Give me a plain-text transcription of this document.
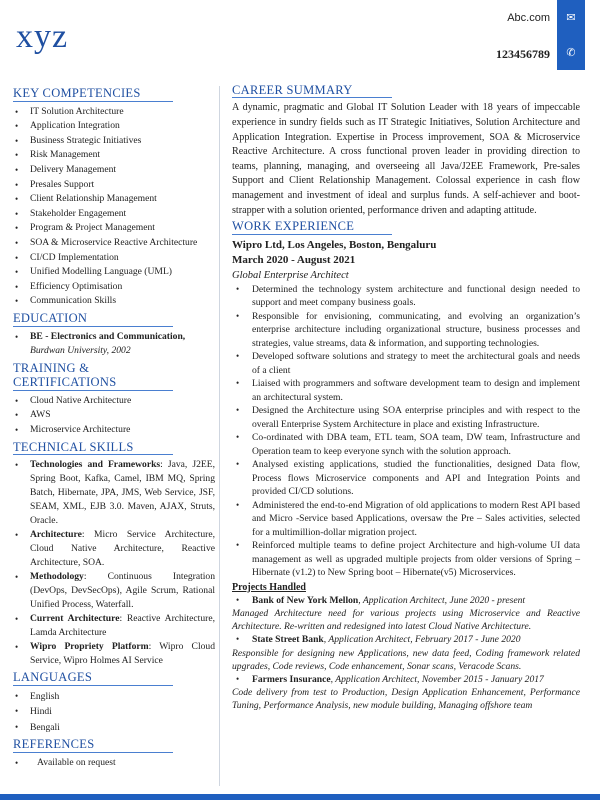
xyz	Abc.com
123456789
✉
✆
KEY COMPETENCIES
• IT Solution Architecture
• Application Integration
• Business Strategic Initiatives
• Risk Management
• Delivery Management
• Presales Support
• Client Relationship Management
• Stakeholder Engagement
• Program & Project Management
• SOA & Microservice Reactive Architecture
• CI/CD Implementation
• Unified Modelling Language (UML)
• Efficiency Optimisation
• Communication Skills
EDUCATION
• BE - Electronics and Communication,
Burdwan University, 2002
TRAINING & CERTIFICATIONS
• Cloud Native Architecture
• AWS
• Microservice Architecture
TECHNICAL SKILLS
• Technologies and Frameworks: Java, J2EE, Spring Boot, Kafka, Camel, IBM MQ, Spring Batch, Hibernate, JPA, JMS, Web Service, JSF, SEAM, XML, EJB 3.0. Maven, AJAX, Struts, Oracle.
• Architecture: Micro Service Architecture, Cloud Native Architecture, Reactive Architecture, SOA.
• Methodology: Continuous Integration (DevOps, DevSecOps), Agile Scrum, Rational Unified Process, Waterfall.
• Current Architecture: Reactive Architecture, Lamda Architecture
• Wipro Propriety Platform: Wipro Cloud Service, Wipro Holmes AI Service
LANGUAGES
• English
• Hindi
• Bengali
REFERENCES
• Available on request
CAREER SUMMARY
A dynamic, pragmatic and Global IT Solution Leader with 18 years of impeccable experience in sundry fields such as IT Strategic Initiatives, Solution Architecture and Application Integration. Expertise in Process improvement, SOA & Microservice Reactive Architecture. A cross functional proven leader in providing direction to teams, planning, managing, and overseeing all Java/J2EE Framework, Pre-sales Support and Client Relationship Management. Colossal experience in cash flow management and investment of ideal and surplus funds. A self-achiever and boot-strapper with a solution oriented, performance driven and adapting attitude.
WORK EXPERIENCE
Wipro Ltd, Los Angeles, Boston, Bengaluru
March 2020 - August 2021
Global Enterprise Architect
• Determined the technology system architecture and functional design needed to support and meet company business goals.
• Responsible for envisioning, communicating, and evolving an organization’s enterprise architecture including organizational structure, business processes and strategies, value streams, data & information, and supporting technologies.
• Developed software solutions and strategy to meet the architectural goals and needs of a client
• Liaised with programmers and software development team to design and implement an architectural system.
• Designed the Architecture using SOA enterprise principles and with respect to the overall Enterprise System Architecture in place and existing Infrastructure.
• Co-ordinated with DBA team, ETL team, SOA team, DW team, Infrastructure and Operation team to keep everyone synch with the solution approach.
• Analysed existing applications, studied the functionalities, designed Data flow, Process flows Microservice components and API and Integration Points and provided CI/CD solutions.
• Administered the end-to-end Migration of old applications to modern Rest API based and Micro -Service based Applications, oversaw the Pre – Sales activities, selected for a multimillion-dollar migration project.
• Reinforced multiple teams to define project Architecture and high-volume UI data management as well as upgraded multiple projects from older versions of Spring – Hibernate (v1.2) to New Spring boot – Hibernate(v5) Microservices.
Projects Handled
• Bank of New York Mellon, Application Architect, June 2020 - present
Managed Architecture need for various projects using Microservice and Reactive Architecture. Re-written and redesigned into latest Cloud Native Architecture.
• State Street Bank, Application Architect, February 2017 - June 2020
Responsible for designing new Applications, new data feed, Coding framework related upgrades, Code reviews, Code enhancement, Sonar scans, Veracode Scans.
• Farmers Insurance, Application Architect, November 2015 - January 2017
Code delivery from test to Production, Design Application Enhancement, Performance Tuning, Performance Analysis, new module building, Managing offshore team
